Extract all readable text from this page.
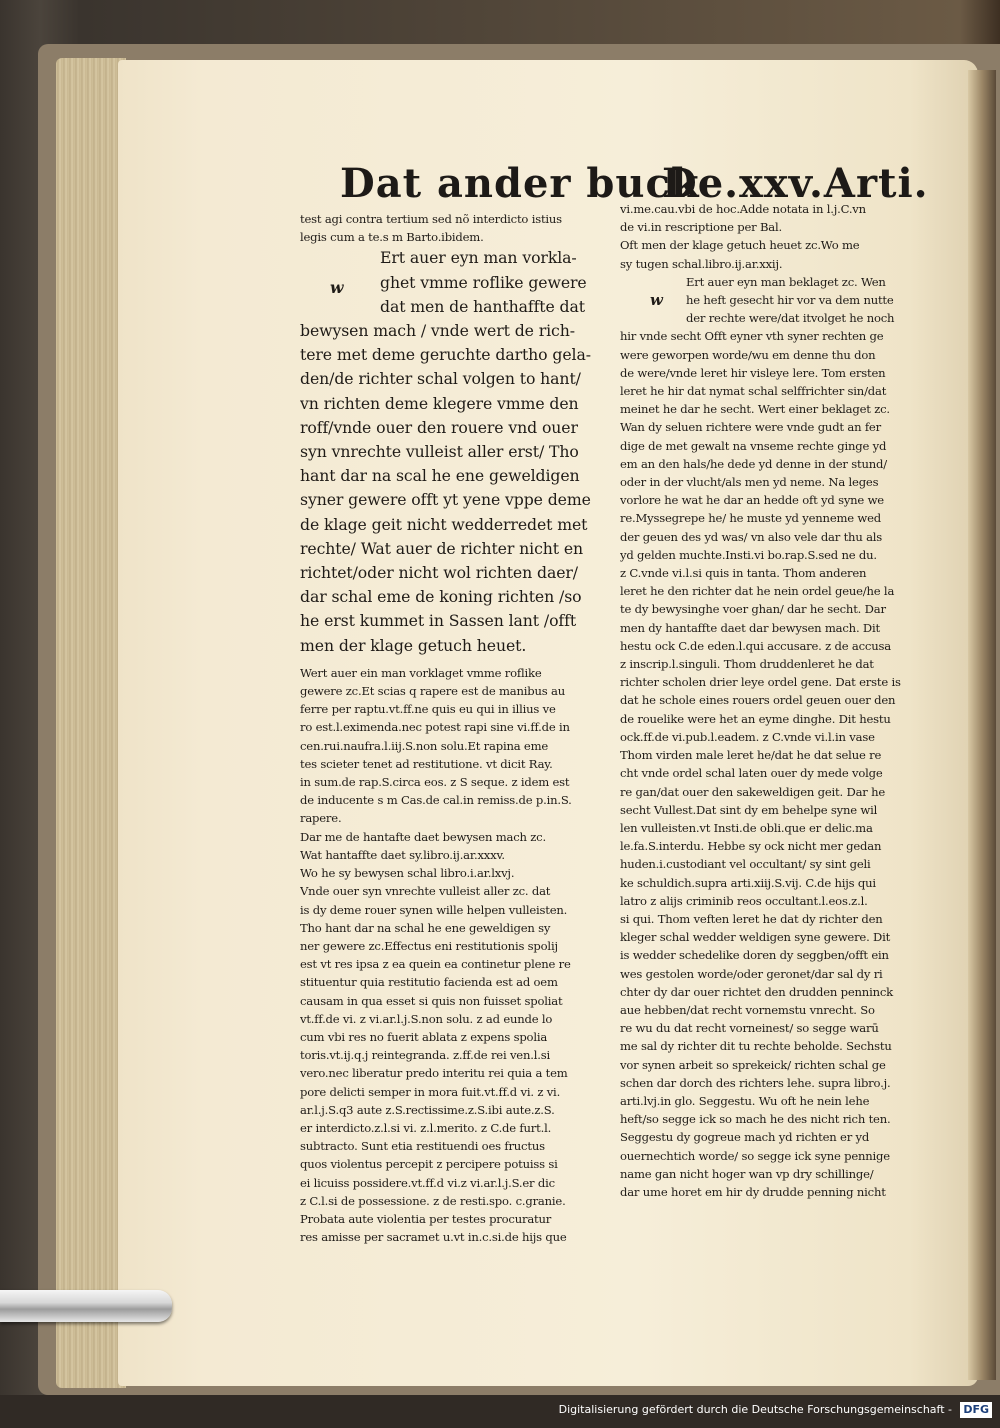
Dat ander buck
De.xxv.Arti.
test agi contra tertium sed nõ interdicto istius
legis cum a te.s m Barto.ibidem.
w
Ert auer eyn man vorkla-
ghet vmme roflike gewere
dat men de hanthaffte dat
bewysen mach / vnde wert de rich-
tere met deme geruchte dartho gela-
den/de richter schal volgen to hant/
vn richten deme klegere vmme den
roff/vnde ouer den rouere vnd ouer
syn vnrechte vulleist aller erst/ Tho
hant dar na scal he ene geweldigen
syner gewere offt yt yene vppe deme
de klage geit nicht wedderredet met
rechte/ Wat auer de richter nicht en
richtet/oder nicht wol richten daer/
dar schal eme de koning richten /so
he erst kummet in Sassen lant /offt
men der klage getuch heuet.
Wert auer ein man vorklaget vmme roflike
gewere zc.Et scias q rapere est de manibus au
ferre per raptu.vt.ff.ne quis eu qui in illius ve
ro est.l.eximenda.nec potest rapi sine vi.ff.de in
cen.rui.naufra.l.iij.S.non solu.Et rapina eme
tes scieter tenet ad restitutione. vt dicit Ray.
in sum.de rap.S.circa eos. z S seque. z idem est
de inducente s m Cas.de cal.in remiss.de p.in.S.
rapere.
Dar me de hantafte daet bewysen mach zc.
Wat hantaffte daet sy.libro.ij.ar.xxxv.
Wo he sy bewysen schal libro.i.ar.lxvj.
Vnde ouer syn vnrechte vulleist aller zc. dat
is dy deme rouer synen wille helpen vulleisten.
Tho hant dar na schal he ene geweldigen sy
ner gewere zc.Effectus eni restitutionis spolij
est vt res ipsa z ea quein ea continetur plene re
stituentur quia restitutio facienda est ad oem
causam in qua esset si quis non fuisset spoliat
vt.ff.de vi. z vi.ar.l.j.S.non solu. z ad eunde lo
cum vbi res no fuerit ablata z expens spolia
toris.vt.ij.q.j reintegranda. z.ff.de rei ven.l.si
vero.nec liberatur predo interitu rei quia a tem
pore delicti semper in mora fuit.vt.ff.d vi. z vi.
ar.l.j.S.q3 aute z.S.rectissime.z.S.ibi aute.z.S.
er interdicto.z.l.si vi. z.l.merito. z C.de furt.l.
subtracto. Sunt etia restituendi oes fructus
quos violentus percepit z percipere potuiss si
ei licuiss possidere.vt.ff.d vi.z vi.ar.l.j.S.er dic
z C.l.si de possessione. z de resti.spo. c.granie.
Probata aute violentia per testes procuratur
res amisse per sacramet u.vt in.c.si.de hijs que
vi.me.cau.vbi de hoc.Adde notata in l.j.C.vn
de vi.in rescriptione per Bal.
Oft men der klage getuch heuet zc.Wo me
sy tugen schal.libro.ij.ar.xxij.
w
Ert auer eyn man beklaget zc. Wen
he heft gesecht hir vor va dem nutte
der rechte were/dat itvolget he noch
hir vnde secht Offt eyner vth syner rechten ge
were geworpen worde/wu em denne thu don
de were/vnde leret hir visleye lere. Tom ersten
leret he hir dat nymat schal selffrichter sin/dat
meinet he dar he secht. Wert einer beklaget zc.
Wan dy seluen richtere were vnde gudt an fer
dige de met gewalt na vnseme rechte ginge yd
em an den hals/he dede yd denne in der stund/
oder in der vlucht/als men yd neme. Na leges
vorlore he wat he dar an hedde oft yd syne we
re.Myssegrepe he/ he muste yd yenneme wed
der geuen des yd was/ vn also vele dar thu als
yd gelden muchte.Insti.vi bo.rap.S.sed ne du.
z C.vnde vi.l.si quis in tanta. Thom anderen
leret he den richter dat he nein ordel geue/he la
te dy bewysinghe voer ghan/ dar he secht. Dar
men dy hantaffte daet dar bewysen mach. Dit
hestu ock C.de eden.l.qui accusare. z de accusa
z inscrip.l.singuli. Thom druddenleret he dat
richter scholen drier leye ordel gene. Dat erste is
dat he schole eines rouers ordel geuen ouer den
de rouelike were het an eyme dinghe. Dit hestu
ock.ff.de vi.pub.l.eadem. z C.vnde vi.l.in vase
Thom virden male leret he/dat he dat selue re
cht vnde ordel schal laten ouer dy mede volge
re gan/dat ouer den sakeweldigen geit. Dar he
secht Vullest.Dat sint dy em behelpe syne wil
len vulleisten.vt Insti.de obli.que er delic.ma
le.fa.S.interdu. Hebbe sy ock nicht mer gedan
huden.i.custodiant vel occultant/ sy sint geli
ke schuldich.supra arti.xiij.S.vij. C.de hijs qui
latro z alijs criminib reos occultant.l.eos.z.l.
si qui. Thom veften leret he dat dy richter den
kleger schal wedder weldigen syne gewere. Dit
is wedder schedelike doren dy seggben/offt ein
wes gestolen worde/oder geronet/dar sal dy ri
chter dy dar ouer richtet den drudden penninck
aue hebben/dat recht vornemstu vnrecht. So
re wu du dat recht vorneinest/ so segge warū
me sal dy richter dit tu rechte beholde. Sechstu
vor synen arbeit so sprekeick/ richten schal ge
schen dar dorch des richters lehe. supra libro.j.
arti.lvj.in glo. Seggestu. Wu oft he nein lehe
heft/so segge ick so mach he des nicht rich ten.
Seggestu dy gogreue mach yd richten er yd
ouernechtich worde/ so segge ick syne pennige
name gan nicht hoger wan vp dry schillinge/
dar ume horet em hir dy drudde penning nicht
Digitalisierung gefördert durch die Deutsche Forschungsgemeinschaft - DFG
